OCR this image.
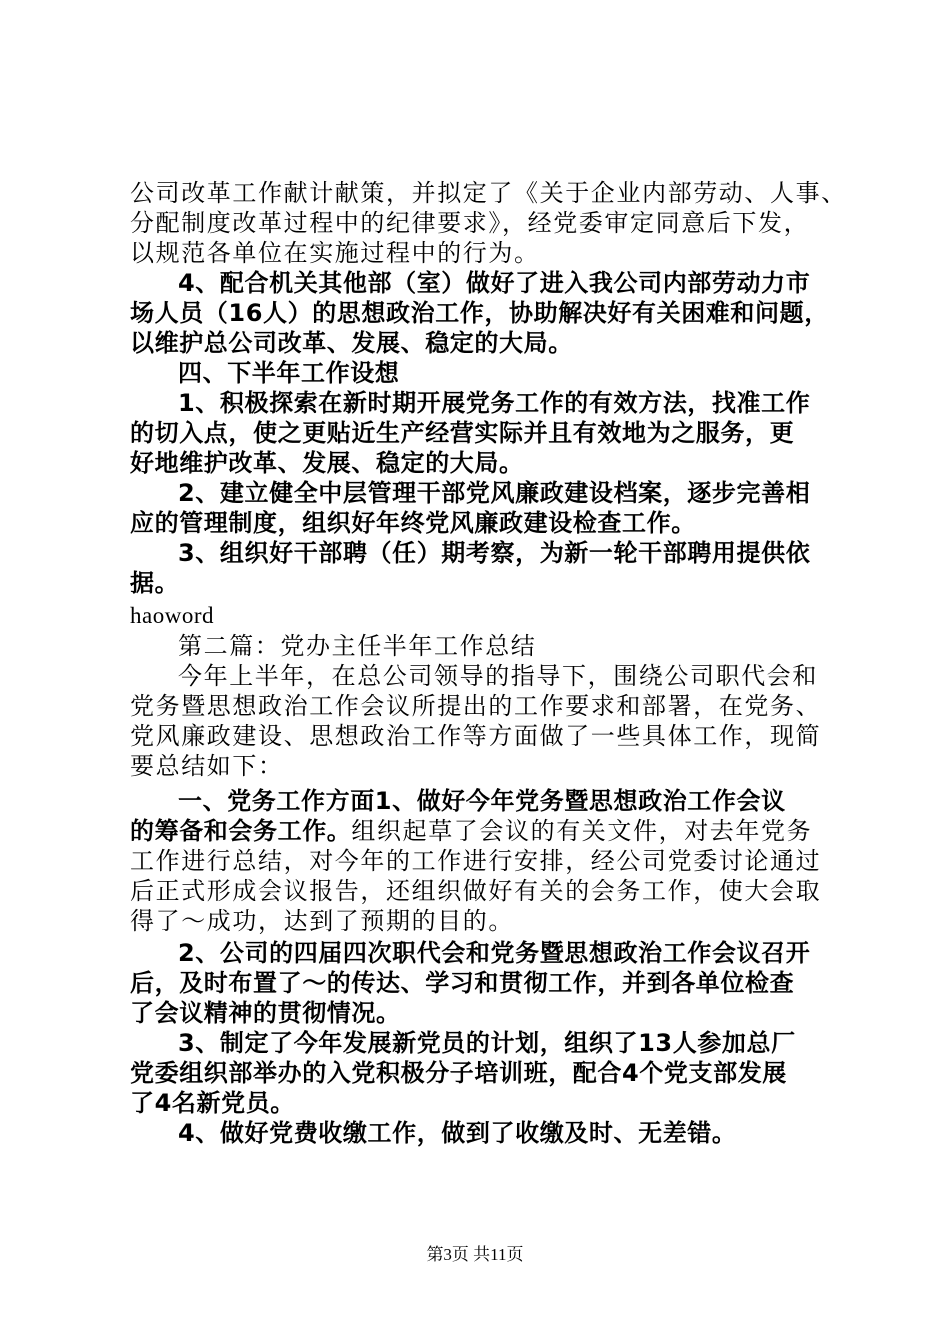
公司改革工作献计献策，并拟定了《关于企业内部劳动、人事、
分配制度改革过程中的纪律要求》，经党委审定同意后下发，
以规范各单位在实施过程中的行为。
4、配合机关其他部（室）做好了进入我公司内部劳动力市
场人员（16人）的思想政治工作，协助解决好有关困难和问题，
以维护总公司改革、发展、稳定的大局。
四、下半年工作设想
1、积极探索在新时期开展党务工作的有效方法，找准工作
的切入点，使之更贴近生产经营实际并且有效地为之服务，更
好地维护改革、发展、稳定的大局。
2、建立健全中层管理干部党风廉政建设档案，逐步完善相
应的管理制度，组织好年终党风廉政建设检查工作。
3、组织好干部聘（任）期考察，为新一轮干部聘用提供依
据。
haoword
第二篇：党办主任半年工作总结
今年上半年，在总公司领导的指导下，围绕公司职代会和
党务暨思想政治工作会议所提出的工作要求和部署，在党务、
党风廉政建设、思想政治工作等方面做了一些具体工作，现简
要总结如下：
一、党务工作方面1、做好今年党务暨思想政治工作会议
的筹备和会务工作。组织起草了会议的有关文件，对去年党务
工作进行总结，对今年的工作进行安排，经公司党委讨论通过
后正式形成会议报告，还组织做好有关的会务工作，使大会取
得了～成功，达到了预期的目的。
2、公司的四届四次职代会和党务暨思想政治工作会议召开
后，及时布置了～的传达、学习和贯彻工作，并到各单位检查
了会议精神的贯彻情况。
3、制定了今年发展新党员的计划，组织了13人参加总厂
党委组织部举办的入党积极分子培训班，配合4个党支部发展
了4名新党员。
4、做好党费收缴工作，做到了收缴及时、无差错。
第3页 共11页
